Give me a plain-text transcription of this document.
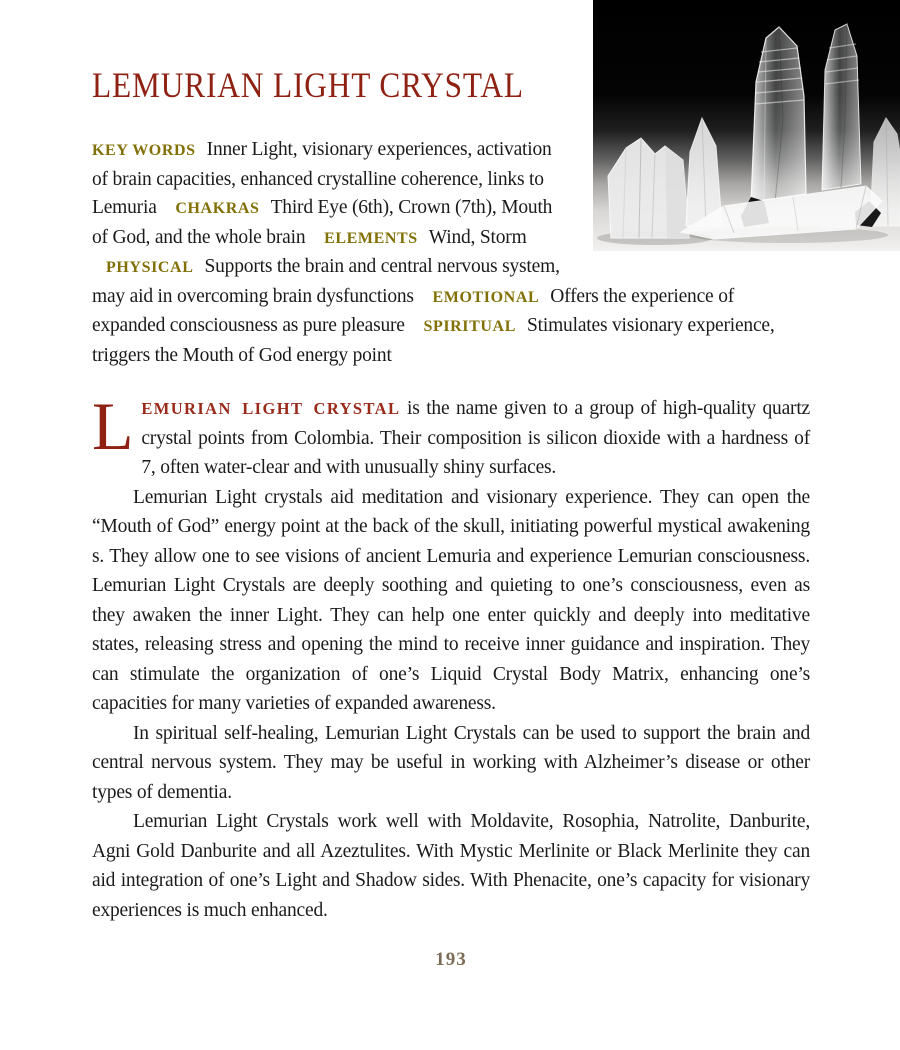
LEMURIAN LIGHT CRYSTAL

KEY WORDS Inner Light, visionary experiences, activation of brain capacities, enhanced crystalline coherence, links to Lemuria CHAKRAS Third Eye (6th), Crown (7th), Mouth of God, and the whole brain ELEMENTS Wind, Storm PHYSICAL Supports the brain and central nervous system, may aid in overcoming brain dysfunctions EMOTIONAL Offers the experience of expanded consciousness as pure pleasure SPIRITUAL Stimulates visionary experience, triggers the Mouth of God energy point

LEMURIAN LIGHT CRYSTAL is the name given to a group of high-quality quartz crystal points from Colombia. Their composition is silicon dioxide with a hardness of 7, often water-clear and with unusually shiny surfaces.

Lemurian Light crystals aid meditation and visionary experience. They can open the “Mouth of God” energy point at the back of the skull, initiating powerful mystical awakening s. They allow one to see visions of ancient Lemuria and experience Lemurian consciousness. Lemurian Light Crystals are deeply soothing and quieting to one’s consciousness, even as they awaken the inner Light. They can help one enter quickly and deeply into meditative states, releasing stress and opening the mind to receive inner guidance and inspiration. They can stimulate the organization of one’s Liquid Crystal Body Matrix, enhancing one’s capacities for many varieties of expanded awareness.

In spiritual self-healing, Lemurian Light Crystals can be used to support the brain and central nervous system. They may be useful in working with Alzheimer’s disease or other types of dementia.

Lemurian Light Crystals work well with Moldavite, Rosophia, Natrolite, Danburite, Agni Gold Danburite and all Azeztulites. With Mystic Merlinite or Black Merlinite they can aid integration of one’s Light and Shadow sides. With Phenacite, one’s capacity for visionary experiences is much enhanced.

193
